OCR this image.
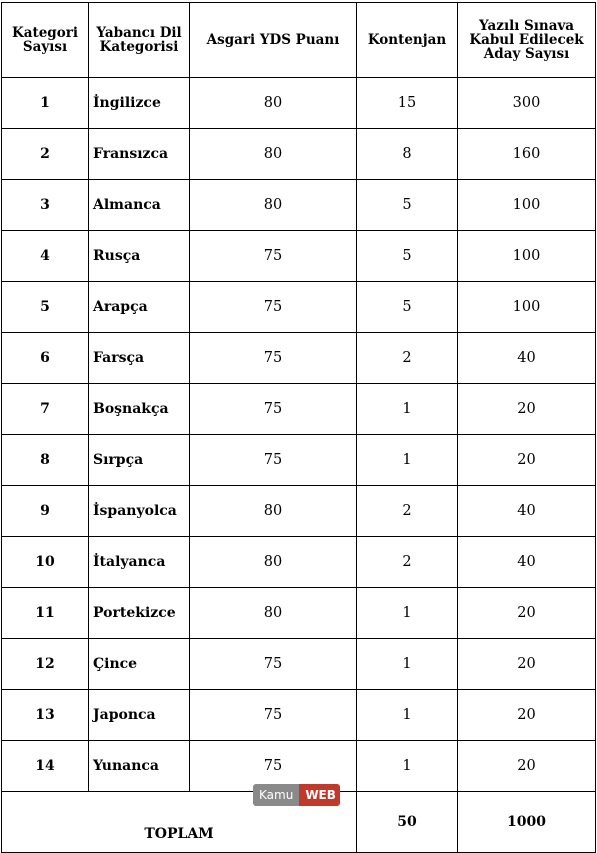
Kategori Sayısı	Yabancı Dil Kategorisi	Asgari YDS Puanı	Kontenjan	Yazılı Sınava Kabul Edilecek Aday Sayısı
1	İngilizce	80	15	300
2	Fransızca	80	8	160
3	Almanca	80	5	100
4	Rusça	75	5	100
5	Arapça	75	5	100
6	Farsça	75	2	40
7	Boşnakça	75	1	20
8	Sırpça	75	1	20
9	İspanyolca	80	2	40
10	İtalyanca	80	2	40
11	Portekizce	80	1	20
12	Çince	75	1	20
13	Japonca	75	1	20
14	Yunanca	75	1	20
TOPLAM			50	1000
Kamu	WEB
